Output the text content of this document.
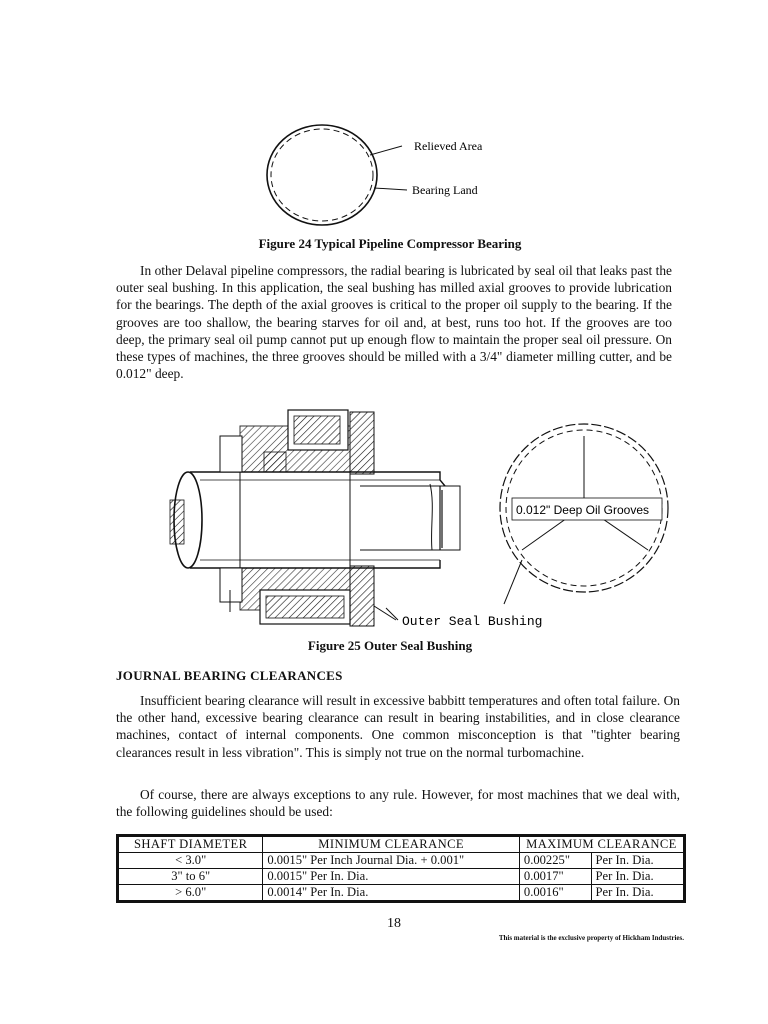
Relieved Area
Bearing Land
Figure 24 Typical Pipeline Compressor Bearing
In other Delaval pipeline compressors, the radial bearing is lubricated by seal oil that leaks past the outer seal bushing. In this application, the seal bushing has milled axial grooves to provide lubrication for the bearings. The depth of the axial grooves is critical to the proper oil supply to the bearing. If the grooves are too shallow, the bearing starves for oil and, at best, runs too hot. If the grooves are too deep, the primary seal oil pump cannot put up enough flow to maintain the proper seal oil pressure. On these types of machines, the three grooves should be milled with a 3/4" diameter milling cutter, and be 0.012" deep.
0.012" Deep Oil Grooves
Outer Seal Bushing
Figure 25 Outer Seal Bushing
JOURNAL BEARING CLEARANCES
Insufficient bearing clearance will result in excessive babbitt temperatures and often total failure. On the other hand, excessive bearing clearance can result in bearing instabilities, and in close clearance machines, contact of internal components. One common misconception is that "tighter bearing clearances result in less vibration". This is simply not true on the normal turbomachine.
Of course, there are always exceptions to any rule. However, for most machines that we deal with, the following guidelines should be used:
SHAFT DIAMETER	MINIMUM CLEARANCE	MAXIMUM CLEARANCE	
< 3.0"	0.0015" Per Inch Journal Dia. + 0.001"	0.00225"	Per In. Dia.
3" to 6"	0.0015" Per In. Dia.	0.0017"	Per In. Dia.
> 6.0"	0.0014" Per In. Dia.	0.0016"	Per In. Dia.
18
This material is the exclusive property of Hickham Industries.
